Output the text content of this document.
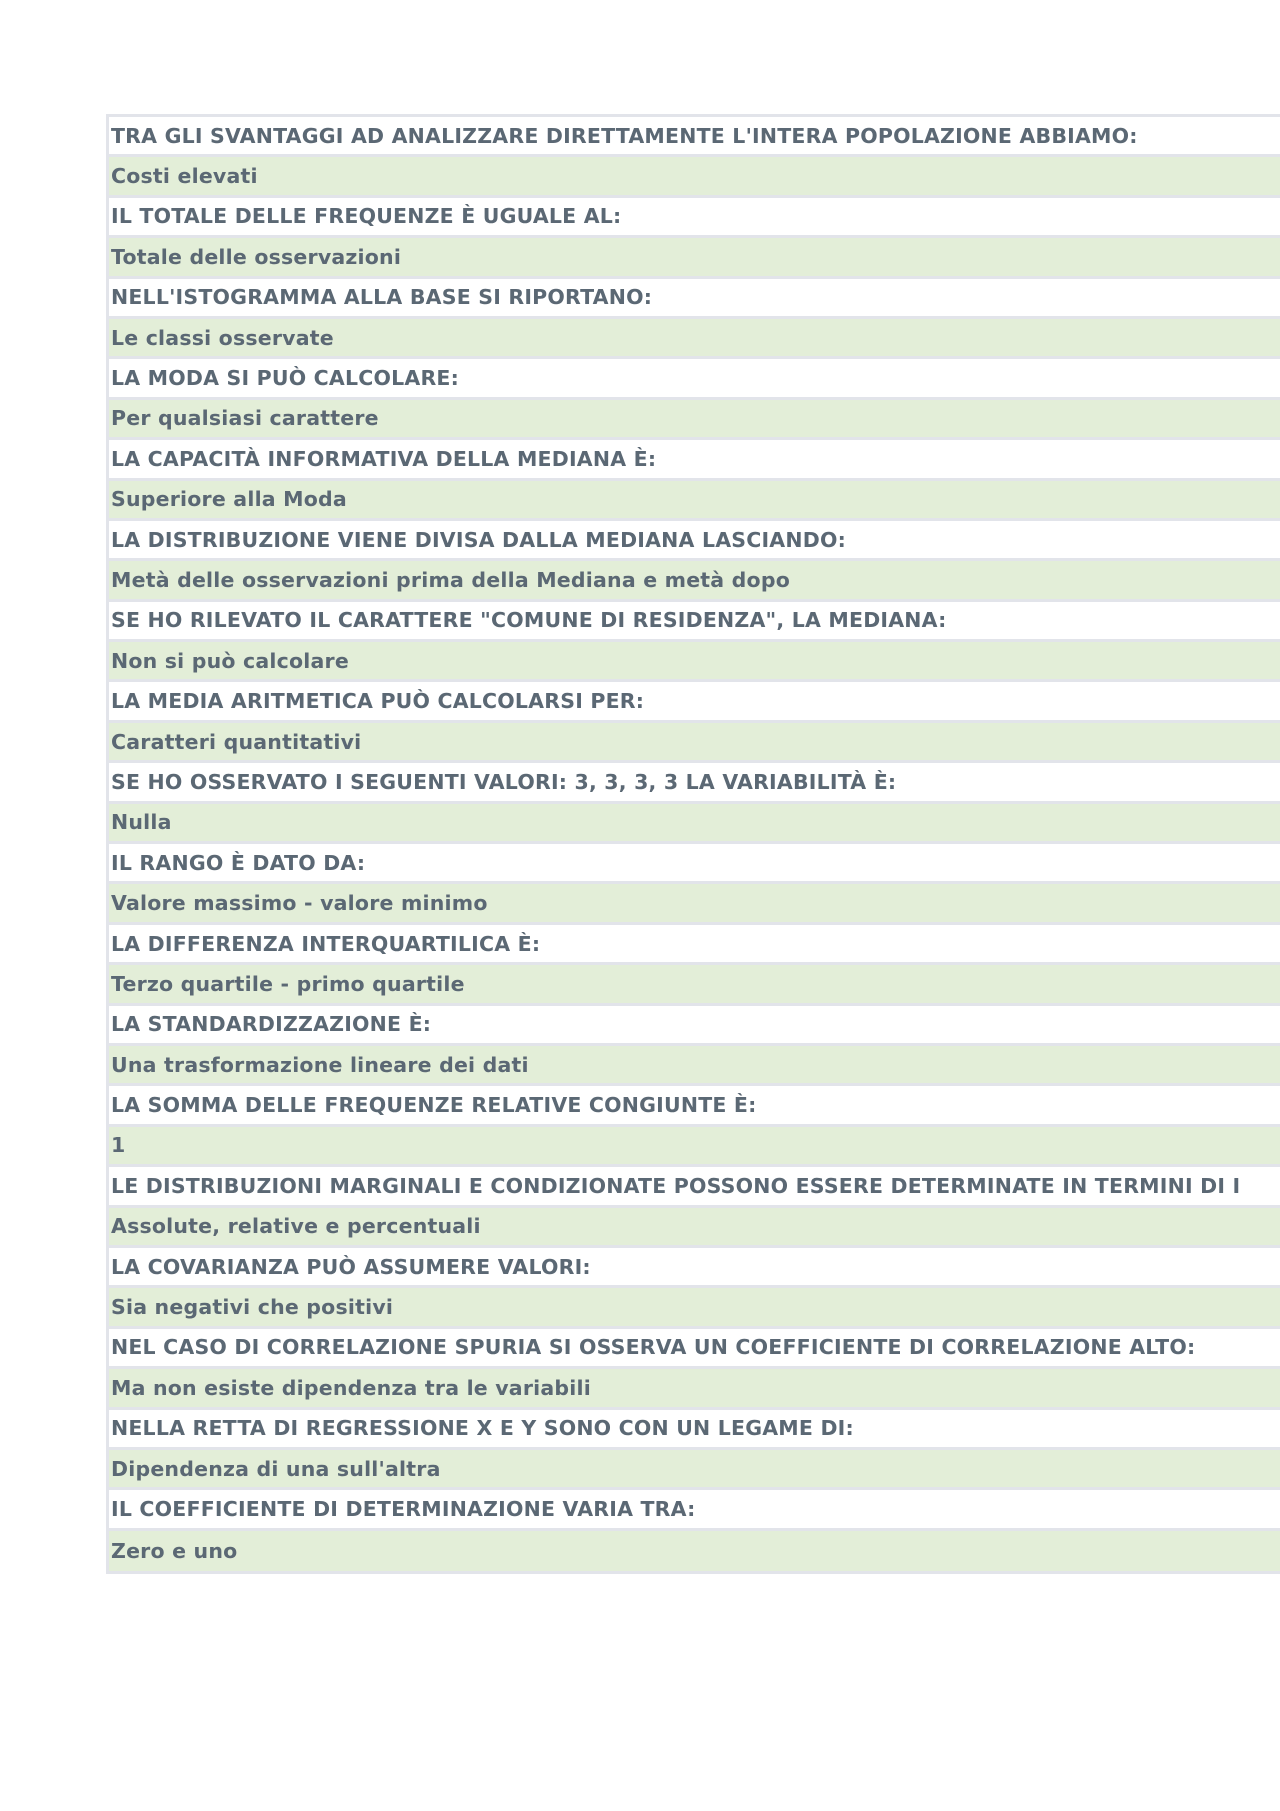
TRA GLI SVANTAGGI AD ANALIZZARE DIRETTAMENTE L'INTERA POPOLAZIONE ABBIAMO:
Costi elevati
IL TOTALE DELLE FREQUENZE È UGUALE AL:
Totale delle osservazioni
NELL'ISTOGRAMMA ALLA BASE SI RIPORTANO:
Le classi osservate
LA MODA SI PUÒ CALCOLARE:
Per qualsiasi carattere
LA CAPACITÀ INFORMATIVA DELLA MEDIANA È:
Superiore alla Moda
LA DISTRIBUZIONE VIENE DIVISA DALLA MEDIANA LASCIANDO:
Metà delle osservazioni prima della Mediana e metà dopo
SE HO RILEVATO IL CARATTERE "COMUNE DI RESIDENZA", LA MEDIANA:
Non si può calcolare
LA MEDIA ARITMETICA PUÒ CALCOLARSI PER:
Caratteri quantitativi
SE HO OSSERVATO I SEGUENTI VALORI: 3, 3, 3, 3 LA VARIABILITÀ È:
Nulla
IL RANGO È DATO DA:
Valore massimo - valore minimo
LA DIFFERENZA INTERQUARTILICA È:
Terzo quartile - primo quartile
LA STANDARDIZZAZIONE È:
Una trasformazione lineare dei dati
LA SOMMA DELLE FREQUENZE RELATIVE CONGIUNTE È:
1
LE DISTRIBUZIONI MARGINALI E CONDIZIONATE POSSONO ESSERE DETERMINATE IN TERMINI DI I
Assolute, relative e percentuali
LA COVARIANZA PUÒ ASSUMERE VALORI:
Sia negativi che positivi
NEL CASO DI CORRELAZIONE SPURIA SI OSSERVA UN COEFFICIENTE DI CORRELAZIONE ALTO:
Ma non esiste dipendenza tra le variabili
NELLA RETTA DI REGRESSIONE X E Y SONO CON UN LEGAME DI:
Dipendenza di una sull'altra
IL COEFFICIENTE DI DETERMINAZIONE VARIA TRA:
Zero e uno
